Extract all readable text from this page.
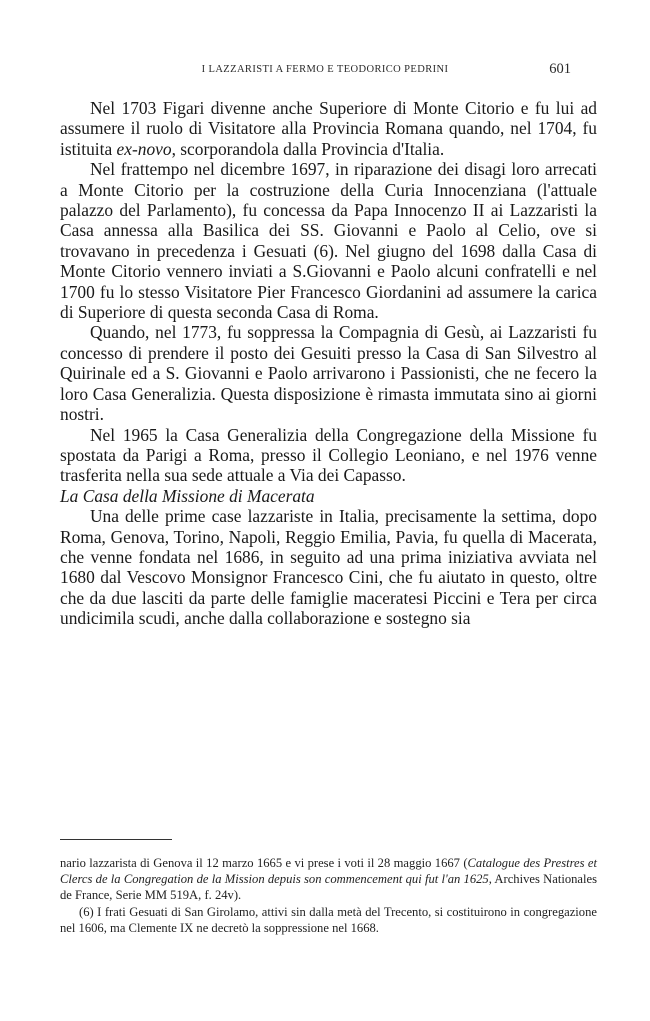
I LAZZARISTI A FERMO E TEODORICO PEDRINI	601

Nel 1703 Figari divenne anche Superiore di Monte Citorio e fu lui ad assumere il ruolo di Visitatore alla Provincia Romana quando, nel 1704, fu istituita ex-novo, scorporandola dalla Provincia d'Italia.

Nel frattempo nel dicembre 1697, in riparazione dei disagi loro arrecati a Monte Citorio per la costruzione della Curia Innocenziana (l'attuale palazzo del Parlamento), fu concessa da Papa Innocenzo II ai Lazzaristi la Casa annessa alla Basilica dei SS. Giovanni e Paolo al Celio, ove si trovavano in precedenza i Gesuati (6). Nel giugno del 1698 dalla Casa di Monte Citorio vennero inviati a S.Giovanni e Paolo alcuni confratelli e nel 1700 fu lo stesso Visitatore Pier Francesco Giordanini ad assumere la carica di Superiore di questa seconda Casa di Roma.

Quando, nel 1773, fu soppressa la Compagnia di Gesù, ai Lazzaristi fu concesso di prendere il posto dei Gesuiti presso la Casa di San Silvestro al Quirinale ed a S. Giovanni e Paolo arrivarono i Passionisti, che ne fecero la loro Casa Generalizia. Questa disposizione è rimasta immutata sino ai giorni nostri.

Nel 1965 la Casa Generalizia della Congregazione della Missione fu spostata da Parigi a Roma, presso il Collegio Leoniano, e nel 1976 venne trasferita nella sua sede attuale a Via dei Capasso.

La Casa della Missione di Macerata

Una delle prime case lazzariste in Italia, precisamente la settima, dopo Roma, Genova, Torino, Napoli, Reggio Emilia, Pavia, fu quella di Macerata, che venne fondata nel 1686, in seguito ad una prima iniziativa avviata nel 1680 dal Vescovo Monsignor Francesco Cini, che fu aiutato in questo, oltre che da due lasciti da parte delle famiglie maceratesi Piccini e Tera per circa undicimila scudi, anche dalla collaborazione e sostegno sia

nario lazzarista di Genova il 12 marzo 1665 e vi prese i voti il 28 maggio 1667 (Catalogue des Prestres et Clercs de la Congregation de la Mission depuis son commencement qui fut l'an 1625, Archives Nationales de France, Serie MM 519A, f. 24v).

(6) I frati Gesuati di San Girolamo, attivi sin dalla metà del Trecento, si costituirono in congregazione nel 1606, ma Clemente IX ne decretò la soppressione nel 1668.
